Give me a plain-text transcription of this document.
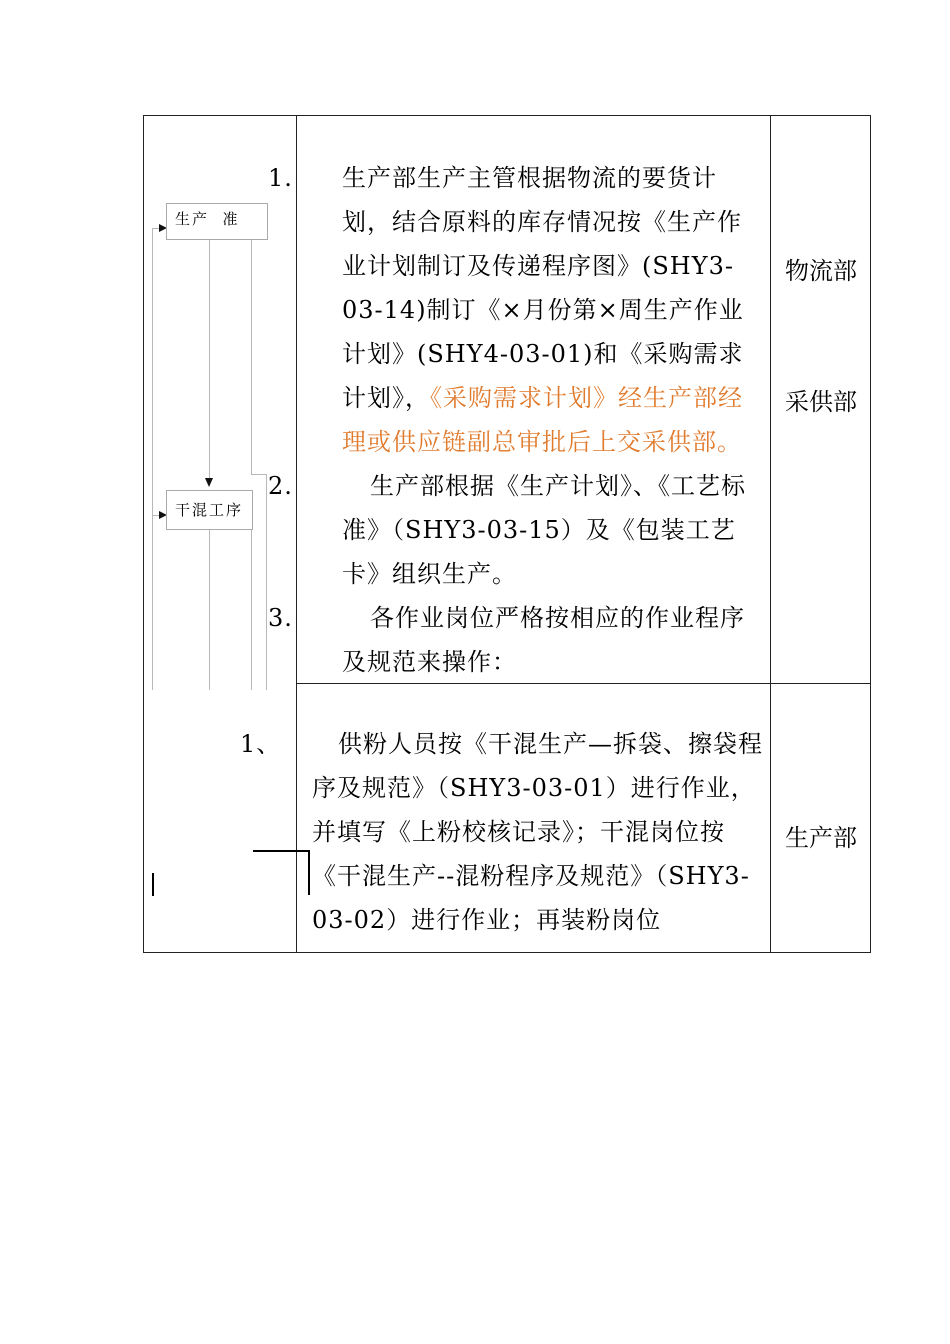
生产  准
干混工序
1. 生产部生产主管根据物流的要货计划，结合原料的库存情况按《生产作业计划制订及传递程序图》(SHY3-03-14)制订《×月份第×周生产作业计划》(SHY4-03-01)和《采购需求计划》，《采购需求计划》经生产部经理或供应链副总审批后上交采供部。
2.	生产部根据《生产计划》、《工艺标准》（SHY3-03-15）及《包装工艺卡》组织生产。
3.	各作业岗位严格按相应的作业程序及规范来操作：
物流部
采供部
1、 供粉人员按《干混生产—拆袋、擦袋程序及规范》（SHY3-03-01）进行作业，并填写《上粉校核记录》；干混岗位按《干混生产--混粉程序及规范》（SHY3-03-02）进行作业；再装粉岗位
生产部
